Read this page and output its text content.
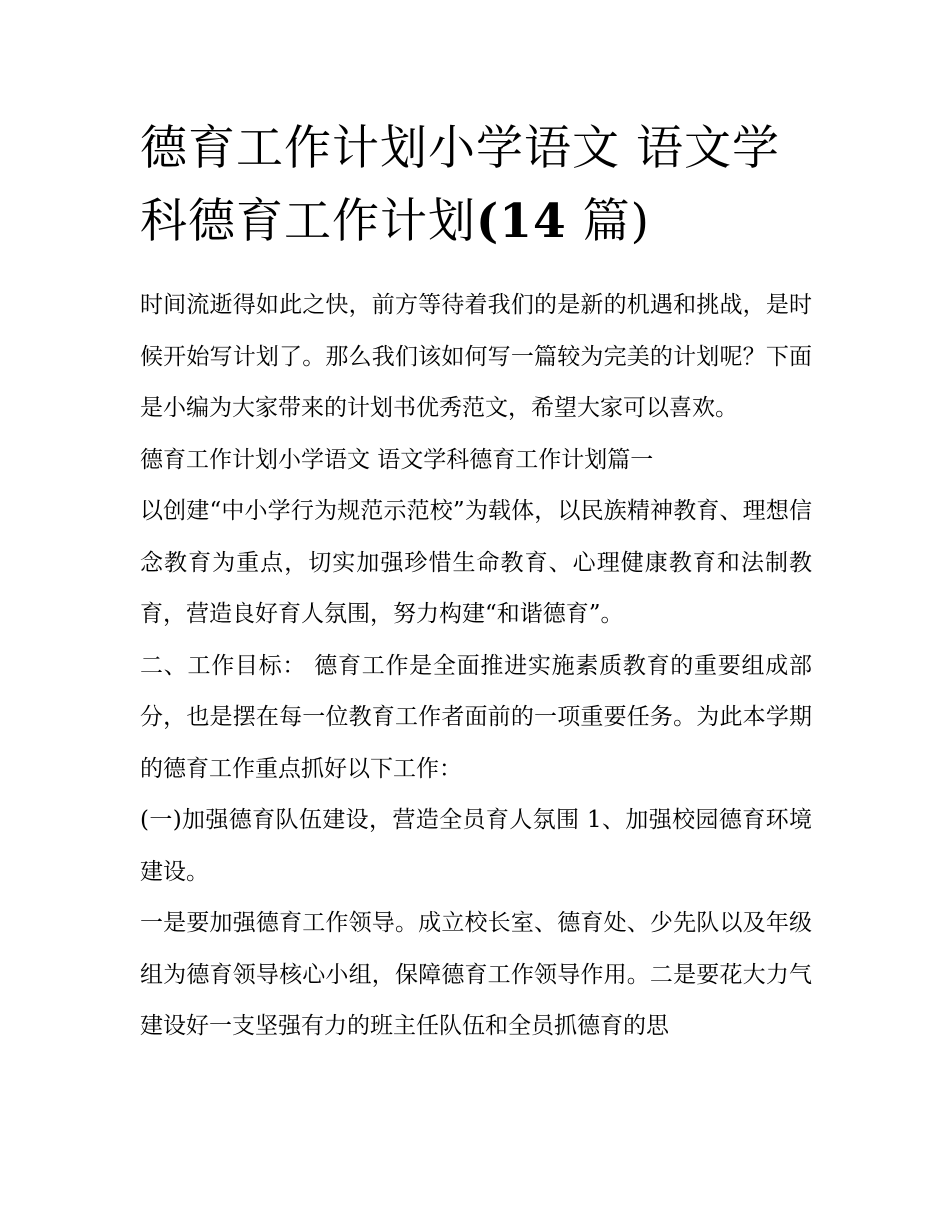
德育工作计划小学语文 语文学科德育工作计划(14 篇)

时间流逝得如此之快，前方等待着我们的是新的机遇和挑战，是时候开始写计划了。那么我们该如何写一篇较为完美的计划呢？下面是小编为大家带来的计划书优秀范文，希望大家可以喜欢。

德育工作计划小学语文 语文学科德育工作计划篇一

以创建“中小学行为规范示范校”为载体，以民族精神教育、理想信念教育为重点，切实加强珍惜生命教育、心理健康教育和法制教育，营造良好育人氛围，努力构建“和谐德育”。

二、工作目标： 德育工作是全面推进实施素质教育的重要组成部分，也是摆在每一位教育工作者面前的一项重要任务。为此本学期的德育工作重点抓好以下工作：

(一)加强德育队伍建设，营造全员育人氛围 1、加强校园德育环境建设。

一是要加强德育工作领导。成立校长室、德育处、少先队以及年级组为德育领导核心小组，保障德育工作领导作用。二是要花大力气建设好一支坚强有力的班主任队伍和全员抓德育的思
